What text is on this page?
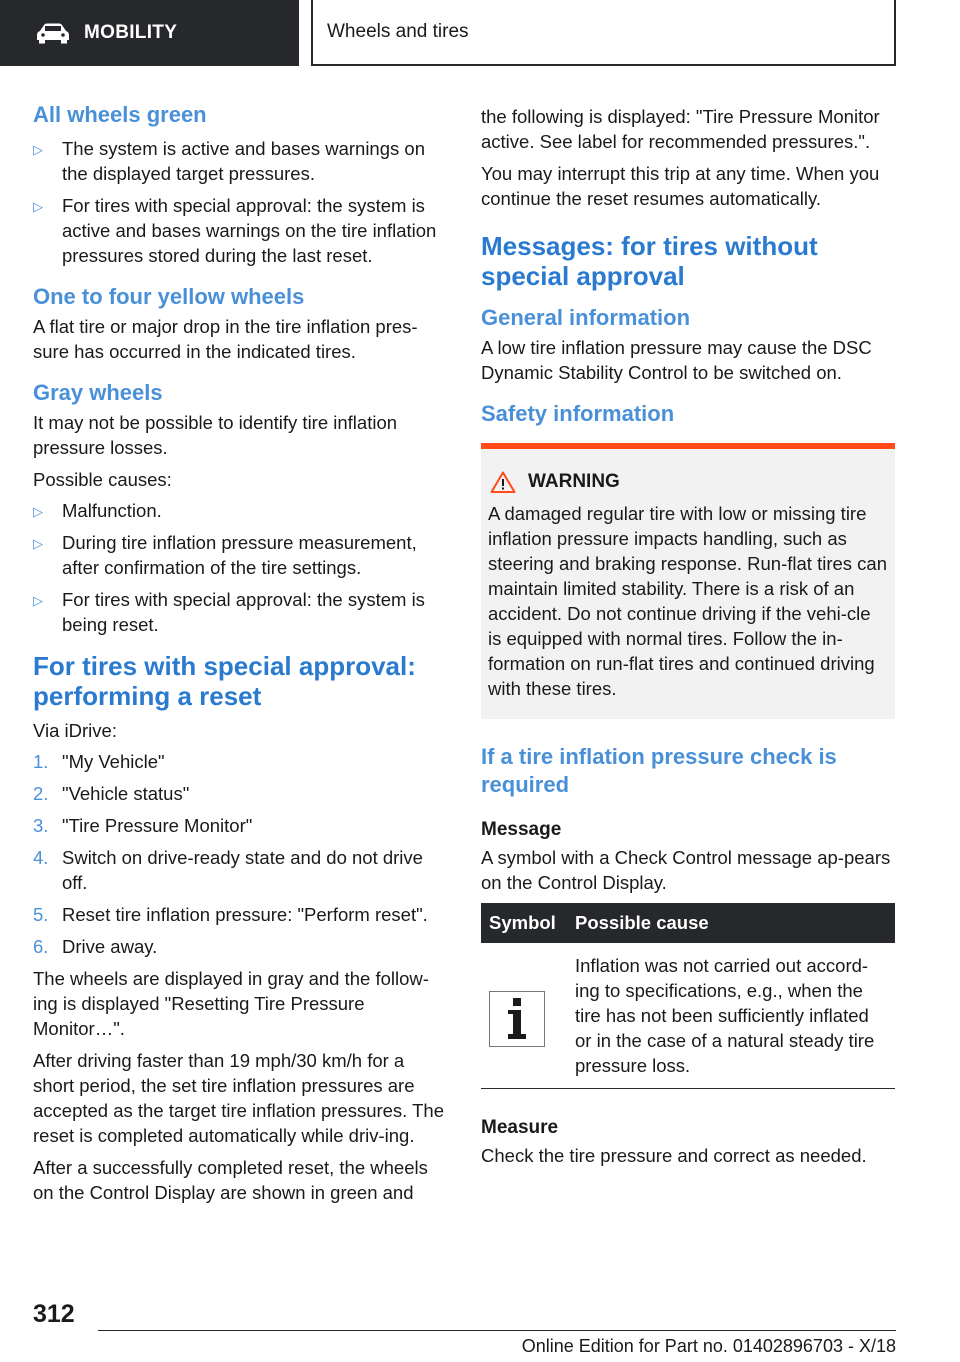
MOBILITY	Wheels and tires
All wheels green
▷ The system is active and bases warnings on the displayed target pressures.
▷ For tires with special approval: the system is active and bases warnings on the tire inflation pressures stored during the last reset.
One to four yellow wheels

A flat tire or major drop in the tire inflation pres‐sure has occurred in the indicated tires.

Gray wheels

It may not be possible to identify tire inflation pressure losses.

Possible causes:

▷ Malfunction.
▷ During tire inflation pressure measurement, after confirmation of the tire settings.
▷ For tires with special approval: the system is being reset.
For tires with special approval: performing a reset

Via iDrive:

1. "My Vehicle"
2. "Vehicle status"
3. "Tire Pressure Monitor"
4. Switch on drive-ready state and do not drive off.
5. Reset tire inflation pressure: "Perform reset".
6. Drive away.

The wheels are displayed in gray and the follow‐ing is displayed "Resetting Tire Pressure Monitor…".

After driving faster than 19 mph/30 km/h for a short period, the set tire inflation pressures are accepted as the target tire inflation pressures. The reset is completed automatically while driv‐ing.

After a successfully completed reset, the wheels on the Control Display are shown in green and

the following is displayed: "Tire Pressure Monitor active. See label for recommended pressures.".

You may interrupt this trip at any time. When you continue the reset resumes automatically.

Messages: for tires without special approval
General information

A low tire inflation pressure may cause the DSC Dynamic Stability Control to be switched on.

Safety information
WARNING

A damaged regular tire with low or missing tire inflation pressure impacts handling, such as steering and braking response. Run-flat tires can maintain limited stability. There is a risk of an accident. Do not continue driving if the vehi‐cle is equipped with normal tires. Follow the in‐formation on run-flat tires and continued driving with these tires.

If a tire inflation pressure check is required
Message

A symbol with a Check Control message ap‐pears on the Control Display.

Symbol	Possible cause

	Inflation was not carried out accord‐ing to specifications, e.g., when the tire has not been sufficiently inflated or in the case of a natural steady tire pressure loss.
Measure

Check the tire pressure and correct as needed.

312
Online Edition for Part no. 01402896703 - X/18
